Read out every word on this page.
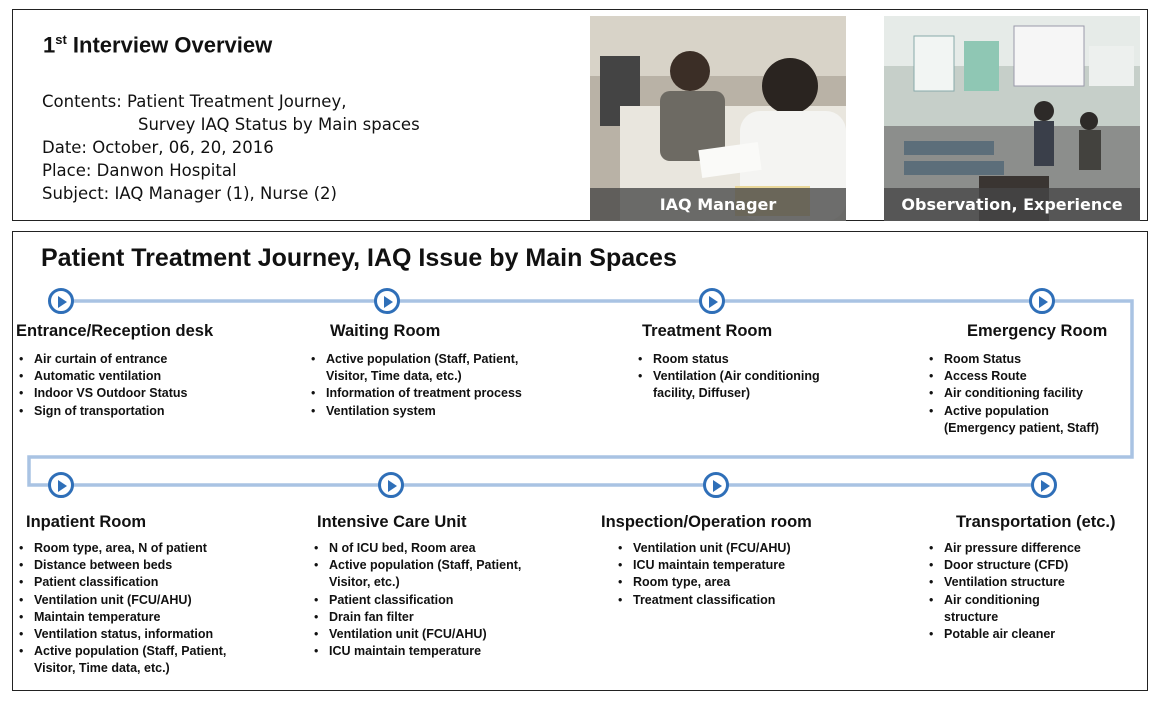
1st Interview Overview
Contents: Patient Treatment Journey,
Survey IAQ Status by Main spaces
Date: October, 06, 20, 2016
Place: Danwon Hospital
Subject: IAQ Manager (1), Nurse (2)
IAQ Manager	Observation, Experience
Patient Treatment Journey, IAQ Issue by Main Spaces
Entrance/Reception desk
• Air curtain of entrance
• Automatic ventilation
• Indoor VS Outdoor Status
• Sign of transportation
Waiting Room
• Active population (Staff, Patient,
Visitor, Time data, etc.)
• Information of treatment process
• Ventilation system
Treatment Room
• Room status
• Ventilation (Air conditioning
facility, Diffuser)
Emergency Room
• Room Status
• Access Route
• Air conditioning facility
• Active population
(Emergency patient, Staff)
Inpatient Room
• Room type, area, N of patient
• Distance between beds
• Patient classification
• Ventilation unit (FCU/AHU)
• Maintain temperature
• Ventilation status, information
• Active population (Staff, Patient,
Visitor, Time data, etc.)
Intensive Care Unit
• N of ICU bed, Room area
• Active population (Staff, Patient,
Visitor, etc.)
• Patient classification
• Drain fan filter
• Ventilation unit (FCU/AHU)
• ICU maintain temperature
Inspection/Operation room
• Ventilation unit (FCU/AHU)
• ICU maintain temperature
• Room type, area
• Treatment classification
Transportation (etc.)
• Air pressure difference
• Door structure (CFD)
• Ventilation structure
• Air conditioning
structure
• Potable air cleaner
